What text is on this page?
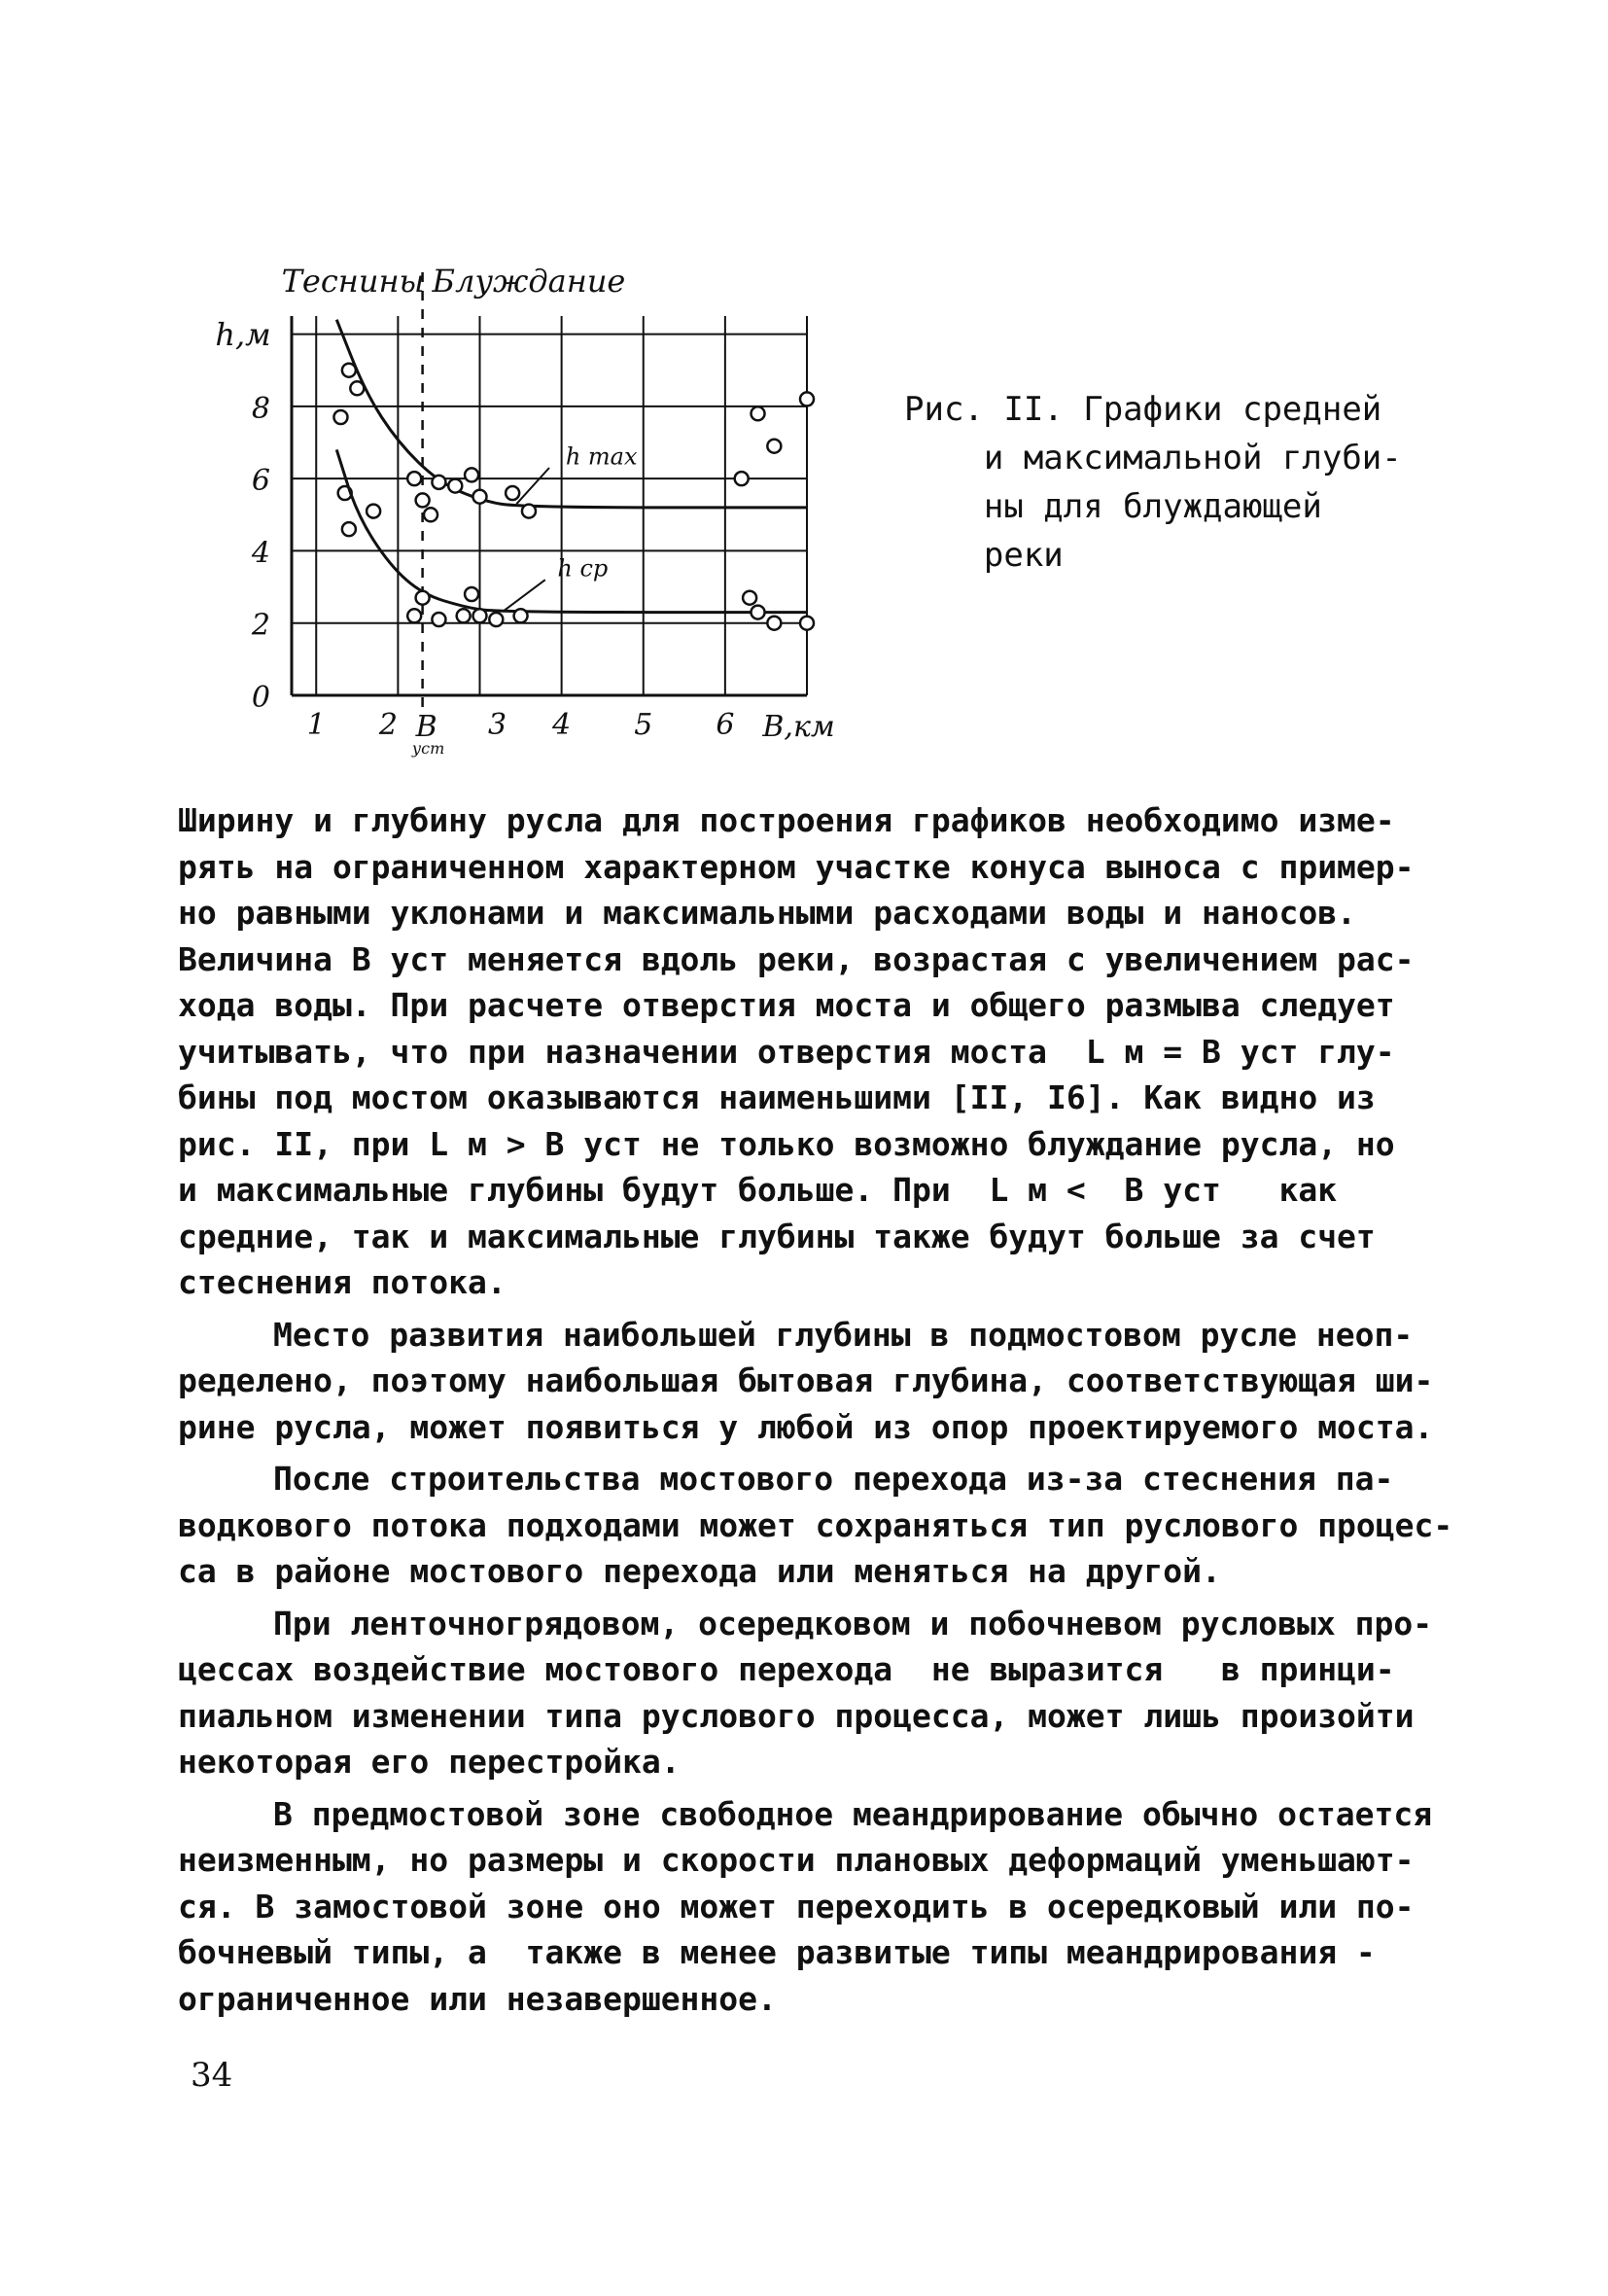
Теснины Блуждание
h,м
0
2
4
6
8
1 2	3 4 5 6
B
уст
B,км
h max
h ср
Рис. II. Графики средней
и максимальной глуби-
ны для блуждающей
реки
Ширину и глубину русла для построения графиков необходимо изме-
рять на ограниченном характерном участке конуса выноса с пример-
но равными уклонами и максимальными расходами воды и наносов.
Величина B уст меняется вдоль реки, возрастая с увеличением рас-
хода воды. При расчете отверстия моста и общего размыва следует
учитывать, что при назначении отверстия моста  L м = B уст глу-
бины под мостом оказываются наименьшими [II, I6]. Как видно из
рис. II, при L м > B уст не только возможно блуждание русла, но
и максимальные глубины будут больше. При  L м <  B уст   как
средние, так и максимальные глубины также будут больше за счет
стеснения потока.
Место развития наибольшей глубины в подмостовом русле неоп-
ределено, поэтому наибольшая бытовая глубина, соответствующая ши-
рине русла, может появиться у любой из опор проектируемого моста.
После строительства мостового перехода из-за стеснения па-
водкового потока подходами может сохраняться тип руслового процес-
са в районе мостового перехода или меняться на другой.
При ленточногрядовом, осередковом и побочневом русловых про-
цессах воздействие мостового перехода  не выразится   в принци-
пиальном изменении типа руслового процесса, может лишь произойти
некоторая его перестройка.
В предмостовой зоне свободное меандрирование обычно остается
неизменным, но размеры и скорости плановых деформаций уменьшают-
ся. В замостовой зоне оно может переходить в осередковый или по-
бочневый типы, а  также в менее развитые типы меандрирования -
ограниченное или незавершенное.
34
